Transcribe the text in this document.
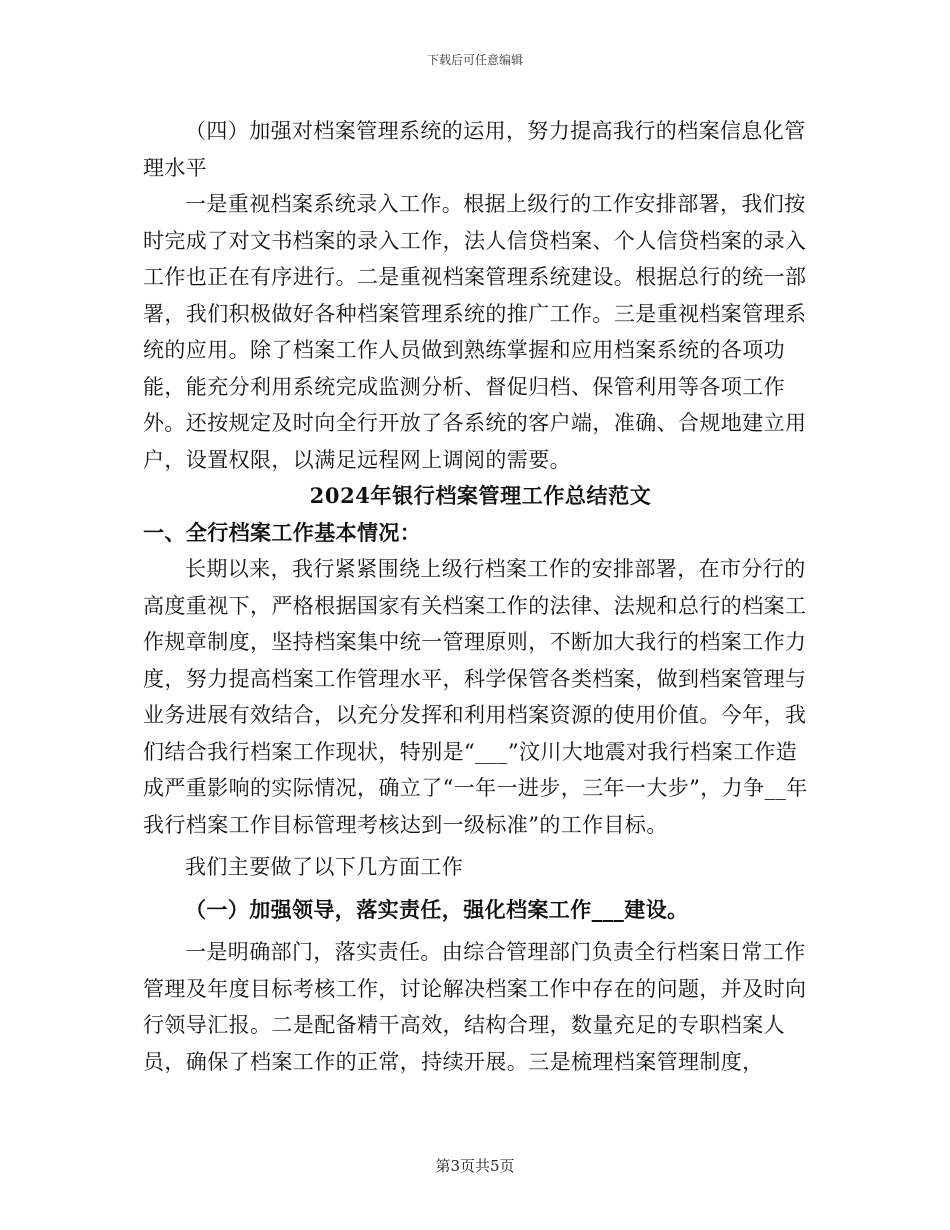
下载后可任意编辑

（四）加强对档案管理系统的运用，努力提高我行的档案信息化管理水平

一是重视档案系统录入工作。根据上级行的工作安排部署，我们按时完成了对文书档案的录入工作，法人信贷档案、个人信贷档案的录入工作也正在有序进行。二是重视档案管理系统建设。根据总行的统一部署，我们积极做好各种档案管理系统的推广工作。三是重视档案管理系统的应用。除了档案工作人员做到熟练掌握和应用档案系统的各项功能，能充分利用系统完成监测分析、督促归档、保管利用等各项工作外。还按规定及时向全行开放了各系统的客户端，准确、合规地建立用户，设置权限，以满足远程网上调阅的需要。

2024年银行档案管理工作总结范文

一、全行档案工作基本情况：

长期以来，我行紧紧围绕上级行档案工作的安排部署，在市分行的高度重视下，严格根据国家有关档案工作的法律、法规和总行的档案工作规章制度，坚持档案集中统一管理原则，不断加大我行的档案工作力度，努力提高档案工作管理水平，科学保管各类档案，做到档案管理与业务进展有效结合，以充分发挥和利用档案资源的使用价值。今年，我们结合我行档案工作现状，特别是“___”汶川大地震对我行档案工作造成严重影响的实际情况，确立了“一年一进步，三年一大步”，力争__年我行档案工作目标管理考核达到一级标准”的工作目标。

我们主要做了以下几方面工作

（一）加强领导，落实责任，强化档案工作___建设。

一是明确部门，落实责任。由综合管理部门负责全行档案日常工作管理及年度目标考核工作，讨论解决档案工作中存在的问题，并及时向行领导汇报。二是配备精干高效，结构合理，数量充足的专职档案人员，确保了档案工作的正常，持续开展。三是梳理档案管理制度，

第3页共5页
